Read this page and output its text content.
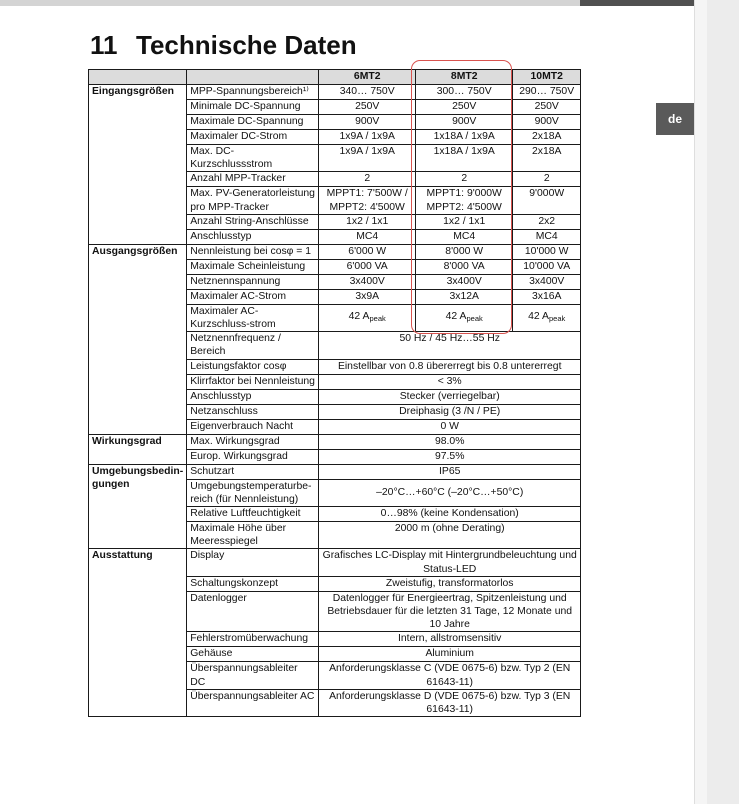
11 Technische Daten
		6MT2	8MT2	10MT2
Eingangsgrößen	MPP-Spannungsbereich¹⁾	340… 750V	300… 750V	290… 750V
	Minimale DC-Spannung	250V	250V	250V
	Maximale DC-Spannung	900V	900V	900V
	Maximaler DC-Strom	1x9A / 1x9A	1x18A / 1x9A	2x18A
	Max. DC-Kurzschlussstrom	1x9A / 1x9A	1x18A / 1x9A	2x18A
	Anzahl MPP-Tracker	2	2	2
	Max. PV-Generatorleistung pro MPP-Tracker	MPPT1: 7'500W / MPPT2: 4'500W	MPPT1: 9'000W MPPT2: 4'500W	9'000W
	Anzahl String-Anschlüsse	1x2 / 1x1	1x2 / 1x1	2x2
	Anschlusstyp	MC4	MC4	MC4
Ausgangsgrößen	Nennleistung bei cosφ = 1	6'000 W	8'000 W	10'000 W
	Maximale Scheinleistung	6'000 VA	8'000 VA	10'000 VA
	Netznennspannung	3x400V	3x400V	3x400V
	Maximaler AC-Strom	3x9A	3x12A	3x16A
	Maximaler AC-Kurzschluss-strom	42 $A_{peak}$	42 $A_{peak}$	42 $A_{peak}$
	Netznennfrequenz / Bereich	50 Hz / 45 Hz…55 Hz		
	Leistungsfaktor cosφ	Einstellbar von 0.8 übererregt bis 0.8 untererregt		
	Klirrfaktor bei Nennleistung	< 3%		
	Anschlusstyp	Stecker (verriegelbar)		
	Netzanschluss	Dreiphasig (3 /N / PE)		
	Eigenverbrauch Nacht	0 W		
Wirkungsgrad	Max. Wirkungsgrad	98.0%		
	Europ. Wirkungsgrad	97.5%		
Umgebungsbedin-gungen	Schutzart	IP65		
	Umgebungstemperaturbe-reich (für Nennleistung)	–20°C…+60°C (–20°C…+50°C)		
	Relative Luftfeuchtigkeit	0…98% (keine Kondensation)		
	Maximale Höhe über Meeresspiegel	2000 m (ohne Derating)		
Ausstattung	Display	Grafisches LC-Display mit Hintergrundbeleuchtung und Status-LED		
	Schaltungskonzept	Zweistufig, transformatorlos		
	Datenlogger	Datenlogger für Energieertrag, Spitzenleistung und Betriebsdauer für die letzten 31 Tage, 12 Monate und 10 Jahre		
	Fehlerstromüberwachung	Intern, allstromsensitiv		
	Gehäuse	Aluminium		
	Überspannungsableiter DC	Anforderungsklasse C (VDE 0675-6) bzw. Typ 2 (EN 61643-11)		
	Überspannungsableiter AC	Anforderungsklasse D (VDE 0675-6) bzw. Typ 3 (EN 61643-11)		
de
